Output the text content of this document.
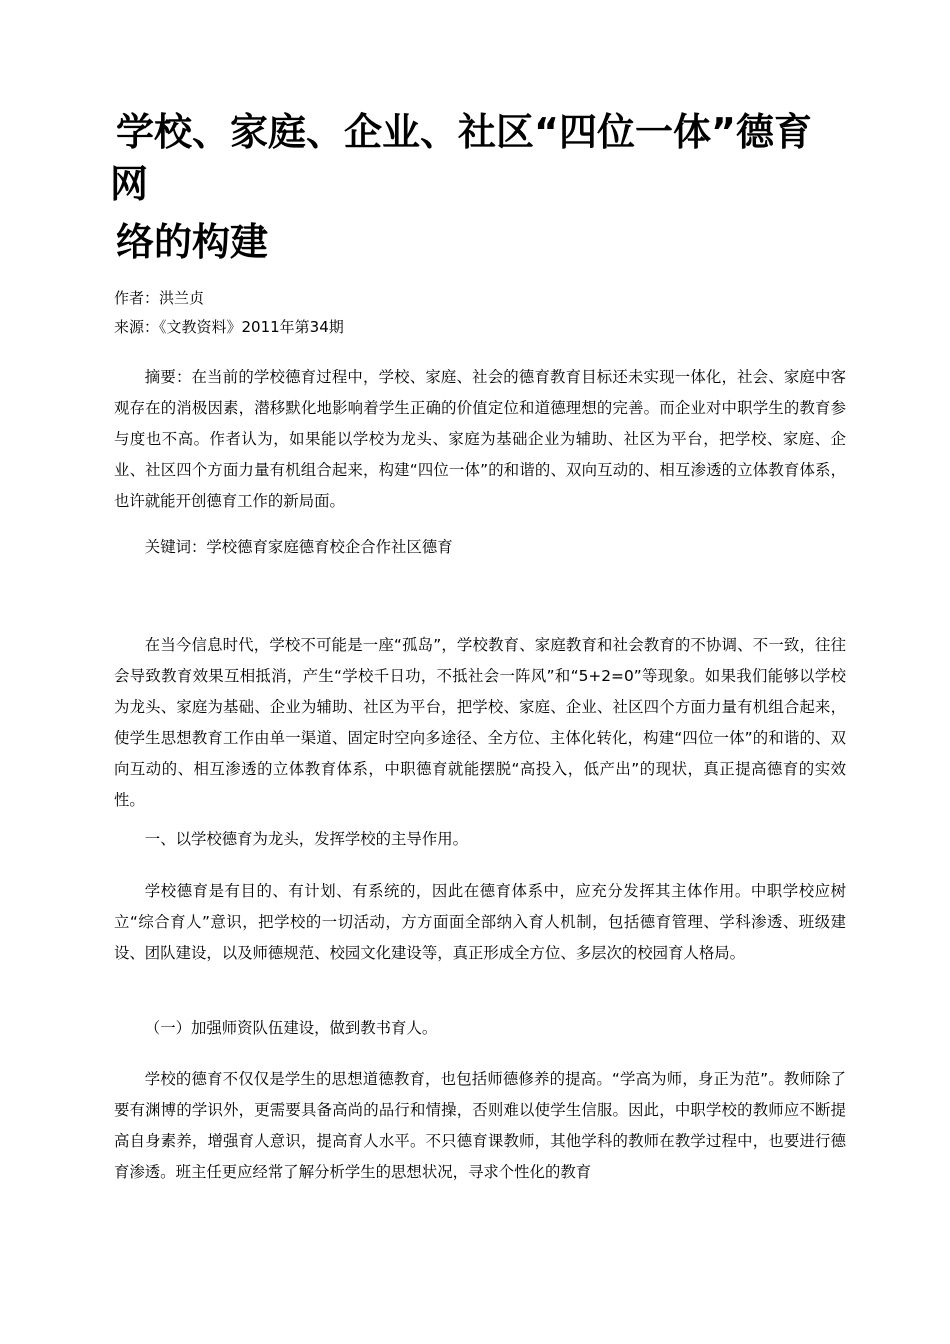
学校、家庭、企业、社区“四位一体”德育
网
络的构建
作者：洪兰贞
来源：《文教资料》2011年第34期

摘要：在当前的学校德育过程中，学校、家庭、社会的德育教育目标还未实现一体化，社会、家庭中客观存在的消极因素，潜移默化地影响着学生正确的价值定位和道德理想的完善。而企业对中职学生的教育参与度也不高。作者认为，如果能以学校为龙头、家庭为基础企业为辅助、社区为平台，把学校、家庭、企业、社区四个方面力量有机组合起来，构建“四位一体”的和谐的、双向互动的、相互渗透的立体教育体系，也许就能开创德育工作的新局面。

关键词：学校德育家庭德育校企合作社区德育

在当今信息时代，学校不可能是一座“孤岛”，学校教育、家庭教育和社会教育的不协调、不一致，往往会导致教育效果互相抵消，产生“学校千日功，不抵社会一阵风”和“5+2=0”等现象。如果我们能够以学校为龙头、家庭为基础、企业为辅助、社区为平台，把学校、家庭、企业、社区四个方面力量有机组合起来，使学生思想教育工作由单一渠道、固定时空向多途径、全方位、主体化转化，构建“四位一体”的和谐的、双向互动的、相互渗透的立体教育体系，中职德育就能摆脱“高投入，低产出”的现状，真正提高德育的实效性。

一、以学校德育为龙头，发挥学校的主导作用。

学校德育是有目的、有计划、有系统的，因此在德育体系中，应充分发挥其主体作用。中职学校应树立“综合育人”意识，把学校的一切活动，方方面面全部纳入育人机制，包括德育管理、学科渗透、班级建设、团队建设，以及师德规范、校园文化建设等，真正形成全方位、多层次的校园育人格局。

（一）加强师资队伍建设，做到教书育人。

学校的德育不仅仅是学生的思想道德教育，也包括师德修养的提高。“学高为师，身正为范”。教师除了要有渊博的学识外，更需要具备高尚的品行和情操，否则难以使学生信服。因此，中职学校的教师应不断提高自身素养，增强育人意识，提高育人水平。不只德育课教师，其他学科的教师在教学过程中，也要进行德育渗透。班主任更应经常了解分析学生的思想状况，寻求个性化的教育
